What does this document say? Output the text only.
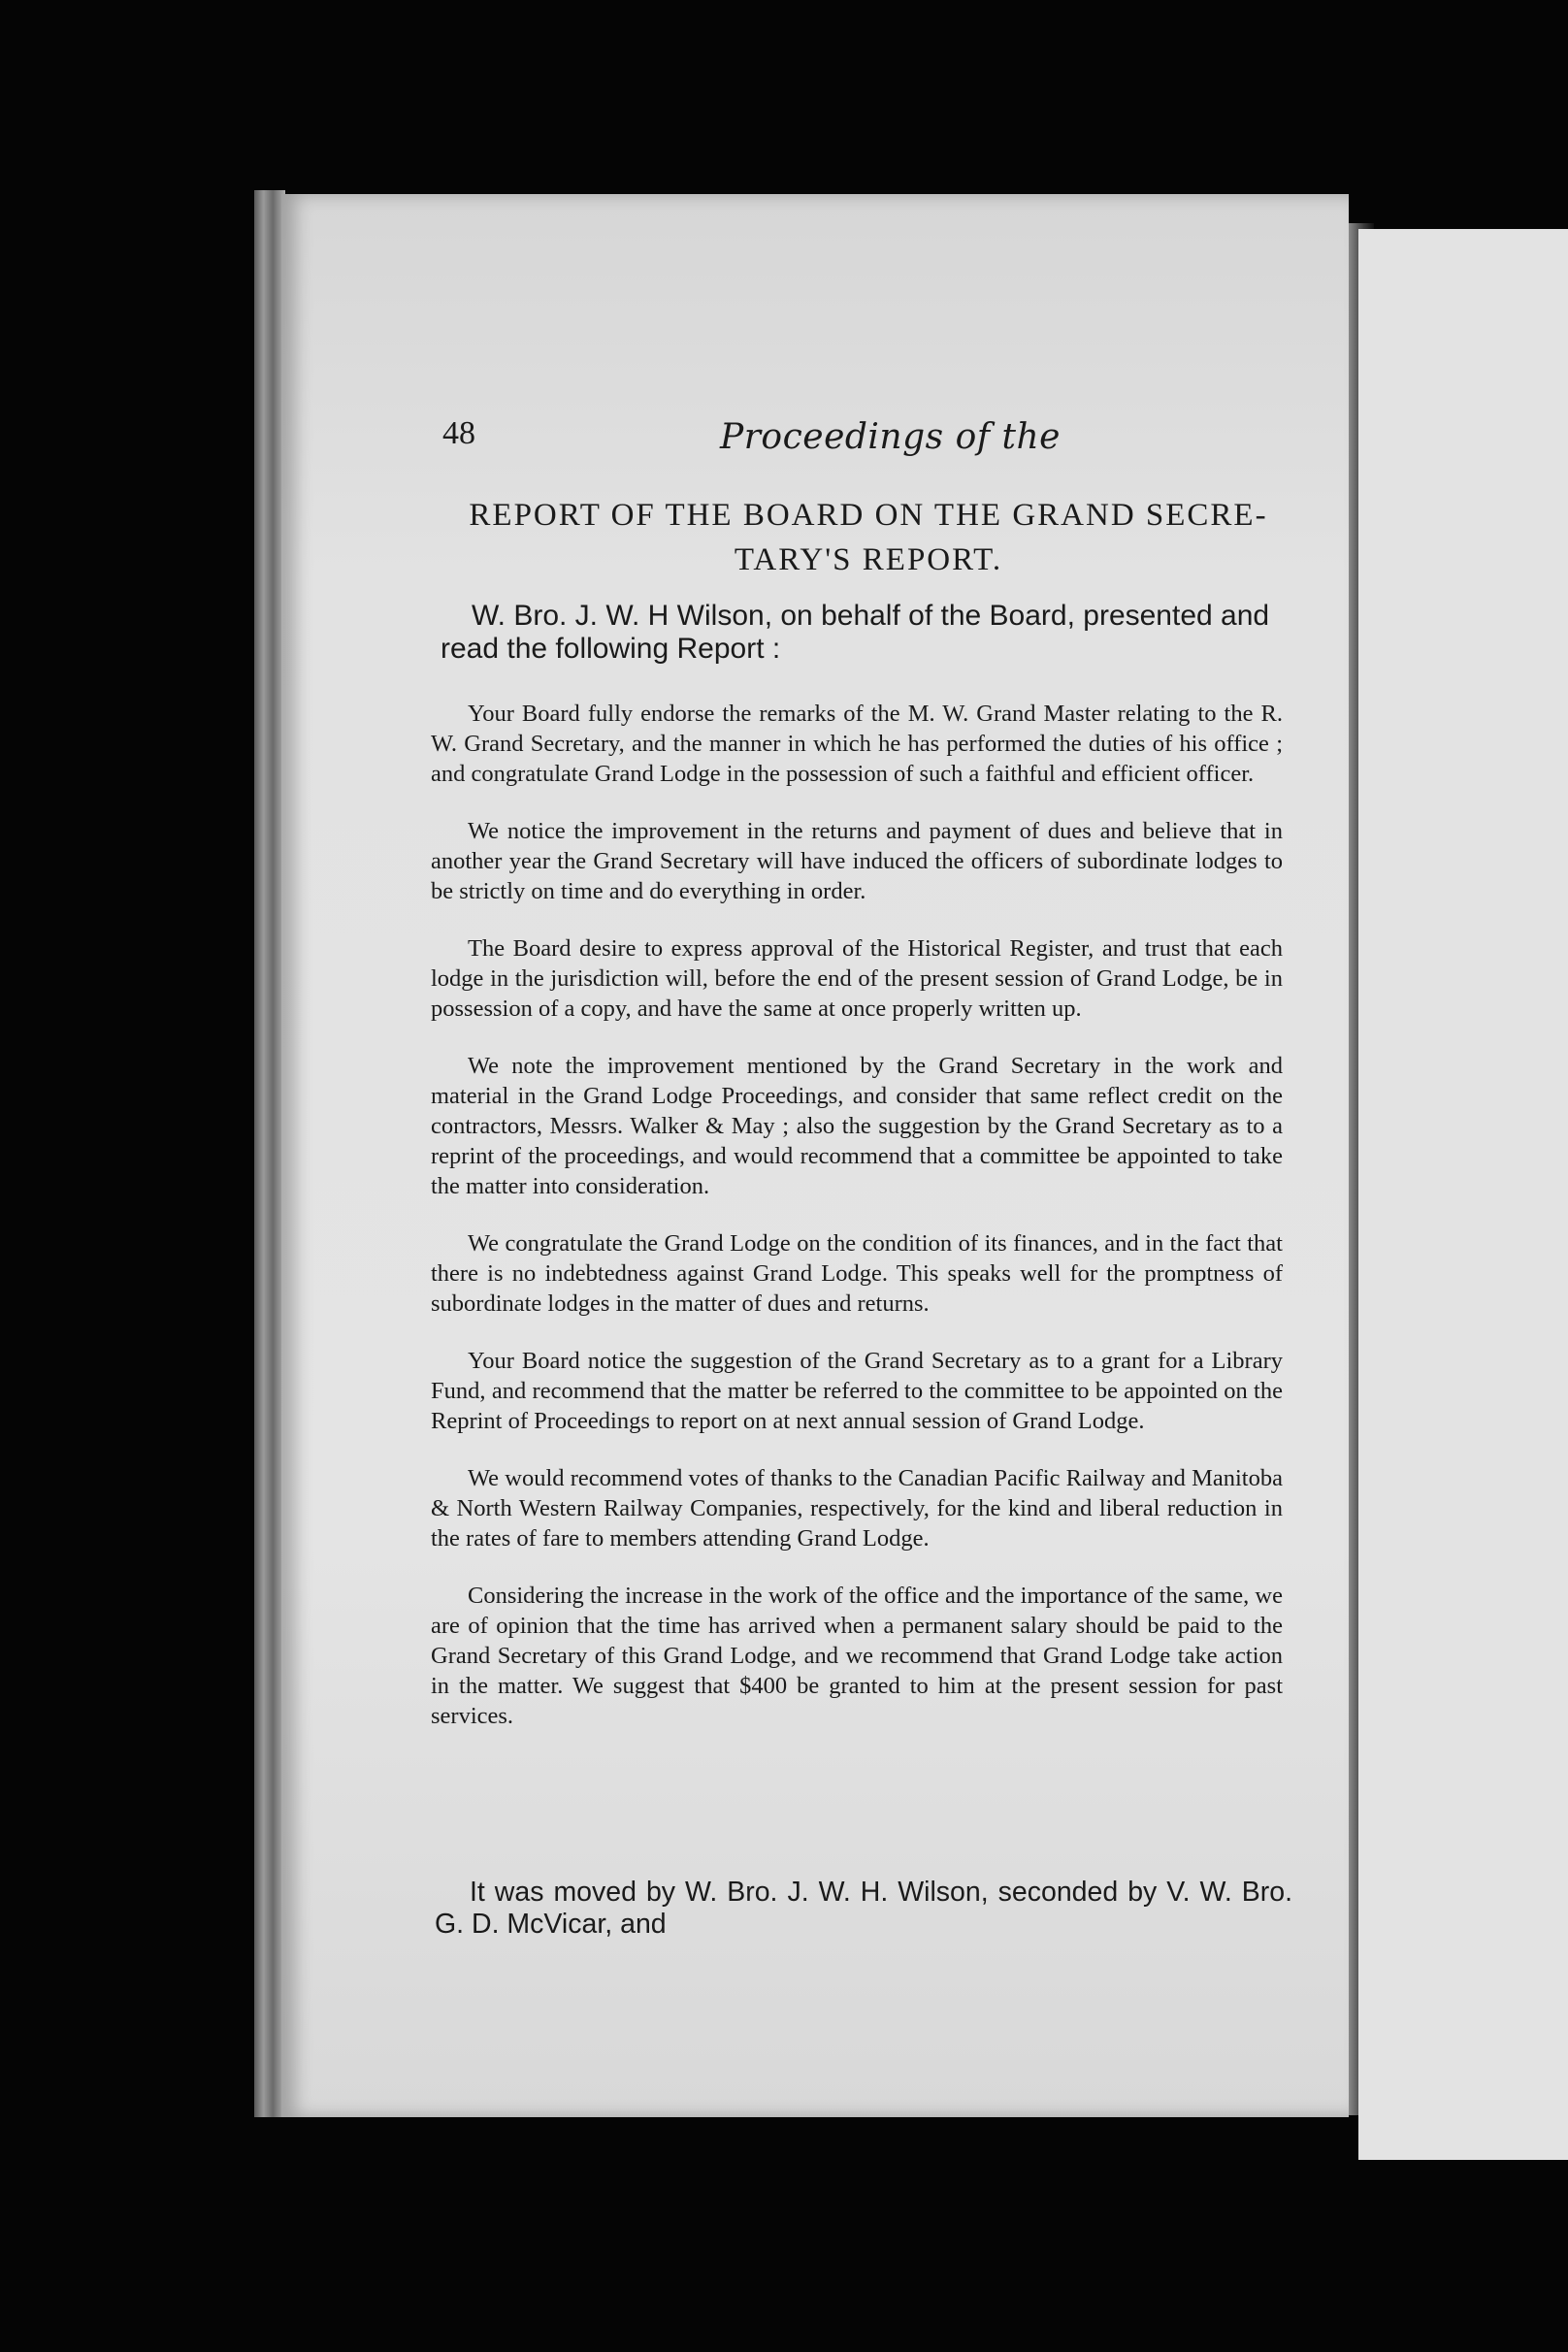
48	Proceedings of the
REPORT OF THE BOARD ON THE GRAND SECRE-TARY'S REPORT.
W. Bro. J. W. H Wilson, on behalf of the Board, presented and read the following Report :

Your Board fully endorse the remarks of the M. W. Grand Master relating to the R. W. Grand Secretary, and the manner in which he has performed the duties of his office ; and congratulate Grand Lodge in the possession of such a faithful and efficient officer.

We notice the improvement in the returns and payment of dues and believe that in another year the Grand Secretary will have induced the officers of subordinate lodges to be strictly on time and do everything in order.

The Board desire to express approval of the Historical Register, and trust that each lodge in the jurisdiction will, before the end of the present session of Grand Lodge, be in possession of a copy, and have the same at once properly written up.

We note the improvement mentioned by the Grand Secretary in the work and material in the Grand Lodge Proceedings, and consider that same reflect credit on the contractors, Messrs. Walker & May ; also the suggestion by the Grand Secretary as to a reprint of the proceedings, and would recommend that a committee be appointed to take the matter into consideration.

We congratulate the Grand Lodge on the condition of its finances, and in the fact that there is no indebtedness against Grand Lodge. This speaks well for the promptness of subordinate lodges in the matter of dues and returns.

Your Board notice the suggestion of the Grand Secretary as to a grant for a Library Fund, and recommend that the matter be referred to the committee to be appointed on the Reprint of Proceedings to report on at next annual session of Grand Lodge.

We would recommend votes of thanks to the Canadian Pacific Railway and Manitoba & North Western Railway Companies, respectively, for the kind and liberal reduction in the rates of fare to members attending Grand Lodge.

Considering the increase in the work of the office and the importance of the same, we are of opinion that the time has arrived when a permanent salary should be paid to the Grand Secretary of this Grand Lodge, and we recommend that Grand Lodge take action in the matter. We suggest that $400 be granted to him at the present session for past services.

It was moved by W. Bro. J. W. H. Wilson, seconded by V. W. Bro. G. D. McVicar, and
